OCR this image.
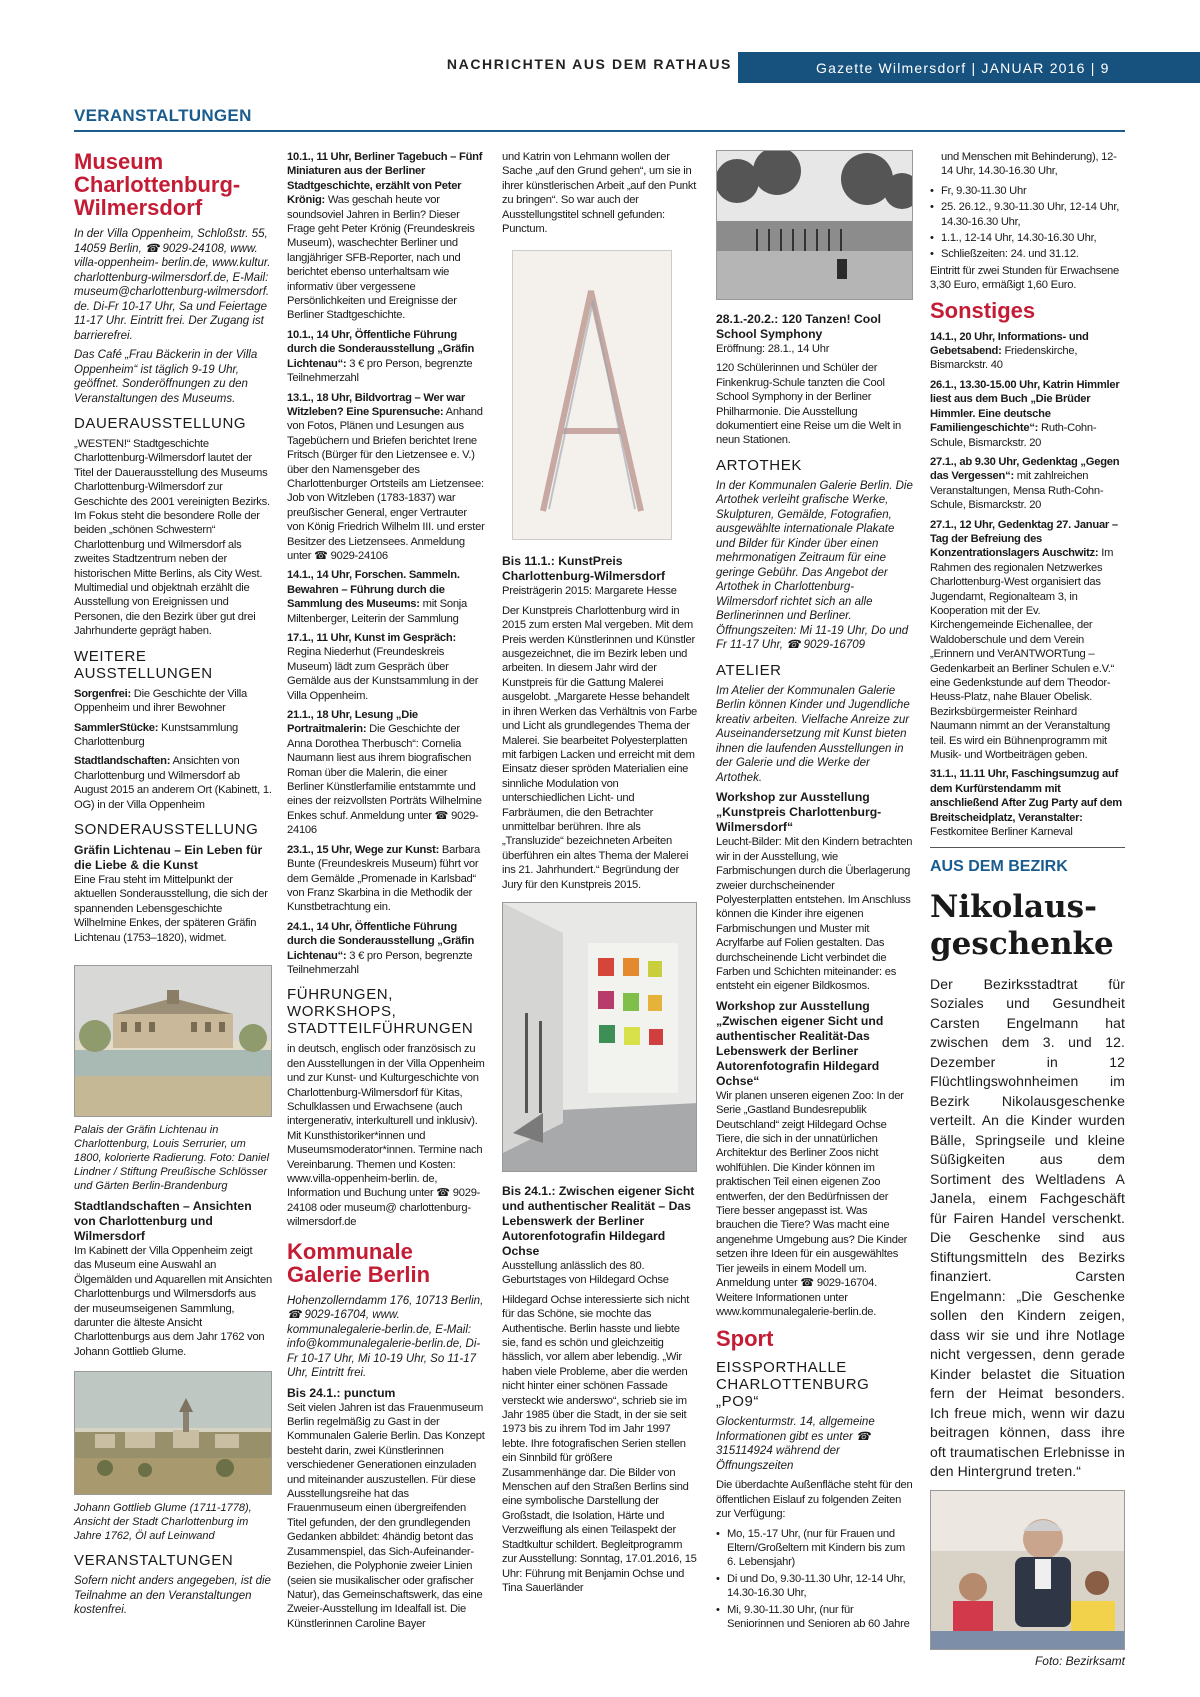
NACHRICHTEN AUS DEM RATHAUS	Gazette Wilmersdorf | JANUAR 2016 | 9
VERANSTALTUNGEN
Museum Charlottenburg-Wilmersdorf

In der Villa Oppenheim, Schloßstr. 55, 14059 Berlin, ☎ 9029-24108, www. villa-oppenheim- berlin.de, www.kultur. charlottenburg-wilmersdorf.de, E-Mail: museum@charlottenburg-wilmersdorf. de. Di-Fr 10-17 Uhr, Sa und Feiertage 11-17 Uhr. Eintritt frei. Der Zugang ist barrierefrei.

Das Café „Frau Bäckerin in der Villa Oppenheim“ ist täglich 9-19 Uhr, geöffnet. Sonderöffnungen zu den Veranstaltungen des Museums.

DAUERAUSSTELLUNG

„WESTEN!“ Stadtgeschichte Charlottenburg-Wilmersdorf lautet der Titel der Dauerausstellung des Museums Charlottenburg-Wilmersdorf zur Geschichte des 2001 vereinigten Bezirks. Im Fokus steht die besondere Rolle der beiden „schönen Schwestern“ Charlottenburg und Wilmersdorf als zweites Stadtzentrum neben der historischen Mitte Berlins, als City West. Multimedial und objektnah erzählt die Ausstellung von Ereignissen und Personen, die den Bezirk über gut drei Jahrhunderte geprägt haben.

WEITERE AUSSTELLUNGEN

Sorgenfrei: Die Geschichte der Villa Oppenheim und ihrer Bewohner

SammlerStücke: Kunstsammlung Charlottenburg

Stadtlandschaften: Ansichten von Charlottenburg und Wilmersdorf ab August 2015 an anderem Ort (Kabinett, 1. OG) in der Villa Oppenheim

SONDERAUSSTELLUNG
Gräfin Lichtenau – Ein Leben für die Liebe & die Kunst

Eine Frau steht im Mittelpunkt der aktuellen Sonderausstellung, die sich der spannenden Lebensgeschichte Wilhelmine Enkes, der späteren Gräfin Lichtenau (1753–1820), widmet.

Palais der Gräfin Lichtenau in Charlottenburg, Louis Serrurier, um 1800, kolorierte Radierung. Foto: Daniel Lindner / Stiftung Preußische Schlösser und Gärten Berlin-Brandenburg
Stadtlandschaften – Ansichten von Charlottenburg und Wilmersdorf

Im Kabinett der Villa Oppenheim zeigt das Museum eine Auswahl an Ölgemälden und Aquarellen mit Ansichten Charlottenburgs und Wilmersdorfs aus der museumseigenen Sammlung, darunter die älteste Ansicht Charlottenburgs aus dem Jahr 1762 von Johann Gottlieb Glume.

Johann Gottlieb Glume (1711-1778), Ansicht der Stadt Charlottenburg im Jahre 1762, Öl auf Leinwand
VERANSTALTUNGEN

Sofern nicht anders angegeben, ist die Teilnahme an den Veranstaltungen kostenfrei.

10.1., 11 Uhr, Berliner Tagebuch – Fünf Miniaturen aus der Berliner Stadtgeschichte, erzählt von Peter Krönig: Was geschah heute vor soundsoviel Jahren in Berlin? Dieser Frage geht Peter Krönig (Freundeskreis Museum), waschechter Berliner und langjähriger SFB-Reporter, nach und berichtet ebenso unterhaltsam wie informativ über vergessene Persönlichkeiten und Ereignisse der Berliner Stadtgeschichte.

10.1., 14 Uhr, Öffentliche Führung durch die Sonderausstellung „Gräfin Lichtenau“: 3 € pro Person, begrenzte Teilnehmerzahl

13.1., 18 Uhr, Bildvortrag – Wer war Witzleben? Eine Spurensuche: Anhand von Fotos, Plänen und Lesungen aus Tagebüchern und Briefen berichtet Irene Fritsch (Bürger für den Lietzensee e. V.) über den Namensgeber des Charlottenburger Ortsteils am Lietzensee: Job von Witzleben (1783-1837) war preußischer General, enger Vertrauter von König Friedrich Wilhelm III. und erster Besitzer des Lietzensees. Anmeldung unter ☎ 9029-24106

14.1., 14 Uhr, Forschen. Sammeln. Bewahren – Führung durch die Sammlung des Museums: mit Sonja Miltenberger, Leiterin der Sammlung

17.1., 11 Uhr, Kunst im Gespräch: Regina Niederhut (Freundeskreis Museum) lädt zum Gespräch über Gemälde aus der Kunstsammlung in der Villa Oppenheim.

21.1., 18 Uhr, Lesung „Die Portraitmalerin: Die Geschichte der Anna Dorothea Therbusch“: Cornelia Naumann liest aus ihrem biografischen Roman über die Malerin, die einer Berliner Künstlerfamilie entstammte und eines der reizvollsten Porträts Wilhelmine Enkes schuf. Anmeldung unter ☎ 9029-24106

23.1., 15 Uhr, Wege zur Kunst: Barbara Bunte (Freundeskreis Museum) führt vor dem Gemälde „Promenade in Karlsbad“ von Franz Skarbina in die Methodik der Kunstbetrachtung ein.

24.1., 14 Uhr, Öffentliche Führung durch die Sonderausstellung „Gräfin Lichtenau“: 3 € pro Person, begrenzte Teilnehmerzahl

FÜHRUNGEN, WORKSHOPS, STADTTEILFÜHRUNGEN

in deutsch, englisch oder französisch zu den Ausstellungen in der Villa Oppenheim und zur Kunst- und Kulturgeschichte von Charlottenburg-Wilmersdorf für Kitas, Schulklassen und Erwachsene (auch intergenerativ, interkulturell und inklusiv). Mit Kunsthistoriker*innen und Museumsmoderator*innen. Termine nach Vereinbarung. Themen und Kosten: www.villa-oppenheim-berlin. de, Information und Buchung unter ☎ 9029-24108 oder museum@ charlottenburg-wilmersdorf.de

Kommunale Galerie Berlin

Hohenzollerndamm 176, 10713 Berlin, ☎ 9029-16704, www. kommunalegalerie-berlin.de, E-Mail: info@kommunalegalerie-berlin.de, Di-Fr 10-17 Uhr, Mi 10-19 Uhr, So 11-17 Uhr, Eintritt frei.

Bis 24.1.: punctum

Seit vielen Jahren ist das Frauenmuseum Berlin regelmäßig zu Gast in der Kommunalen Galerie Berlin. Das Konzept besteht darin, zwei Künstlerinnen verschiedener Generationen einzuladen und miteinander auszustellen. Für diese Ausstellungsreihe hat das Frauenmuseum einen übergreifenden Titel gefunden, der den grundlegenden Gedanken abbildet: 4händig betont das Zusammenspiel, das Sich-Aufeinander-Beziehen, die Polyphonie zweier Linien (seien sie musikalischer oder grafischer Natur), das Gemeinschaftswerk, das eine Zweier-Ausstellung im Idealfall ist. Die Künstlerinnen Caroline Bayer

und Katrin von Lehmann wollen der Sache „auf den Grund gehen“, um sie in ihrer künstlerischen Arbeit „auf den Punkt zu bringen“. So war auch der Ausstellungstitel schnell gefunden: Punctum.

Bis 11.1.: KunstPreis Charlottenburg-Wilmersdorf

Preisträgerin 2015: Margarete Hesse

Der Kunstpreis Charlottenburg wird in 2015 zum ersten Mal vergeben. Mit dem Preis werden Künstlerinnen und Künstler ausgezeichnet, die im Bezirk leben und arbeiten. In diesem Jahr wird der Kunstpreis für die Gattung Malerei ausgelobt. „Margarete Hesse behandelt in ihren Werken das Verhältnis von Farbe und Licht als grundlegendes Thema der Malerei. Sie bearbeitet Polyesterplatten mit farbigen Lacken und erreicht mit dem Einsatz dieser spröden Materialien eine sinnliche Modulation von unterschiedlichen Licht- und Farbräumen, die den Betrachter unmittelbar berühren. Ihre als „Transluzide“ bezeichneten Arbeiten überführen ein altes Thema der Malerei ins 21. Jahrhundert.“ Begründung der Jury für den Kunstpreis 2015.

Bis 24.1.: Zwischen eigener Sicht und authentischer Realität – Das Lebenswerk der Berliner Autorenfotografin Hildegard Ochse

Ausstellung anlässlich des 80. Geburtstages von Hildegard Ochse

Hildegard Ochse interessierte sich nicht für das Schöne, sie mochte das Authentische. Berlin hasste und liebte sie, fand es schön und gleichzeitig hässlich, vor allem aber lebendig. „Wir haben viele Probleme, aber die werden nicht hinter einer schönen Fassade versteckt wie anderswo“, schrieb sie im Jahr 1985 über die Stadt, in der sie seit 1973 bis zu ihrem Tod im Jahr 1997 lebte. Ihre fotografischen Serien stellen ein Sinnbild für größere Zusammenhänge dar. Die Bilder von Menschen auf den Straßen Berlins sind eine symbolische Darstellung der Großstadt, die Isolation, Härte und Verzweiflung als einen Teilaspekt der Stadtkultur schildert. Begleitprogramm zur Ausstellung: Sonntag, 17.01.2016, 15 Uhr: Führung mit Benjamin Ochse und Tina Sauerländer

28.1.-20.2.: 120 Tanzen! Cool School Symphony

Eröffnung: 28.1., 14 Uhr

120 Schülerinnen und Schüler der Finkenkrug-Schule tanzten die Cool School Symphony in der Berliner Philharmonie. Die Ausstellung dokumentiert eine Reise um die Welt in neun Stationen.

ARTOTHEK

In der Kommunalen Galerie Berlin. Die Artothek verleiht grafische Werke, Skulpturen, Gemälde, Fotografien, ausgewählte internationale Plakate und Bilder für Kinder über einen mehrmonatigen Zeitraum für eine geringe Gebühr. Das Angebot der Artothek in Charlottenburg-Wilmersdorf richtet sich an alle Berlinerinnen und Berliner. Öffnungszeiten: Mi 11-19 Uhr, Do und Fr 11-17 Uhr, ☎ 9029-16709

ATELIER

Im Atelier der Kommunalen Galerie Berlin können Kinder und Jugendliche kreativ arbeiten. Vielfache Anreize zur Auseinandersetzung mit Kunst bieten ihnen die laufenden Ausstellungen in der Galerie und die Werke der Artothek.

Workshop zur Ausstellung „Kunstpreis Charlottenburg-Wilmersdorf“

Leucht-Bilder: Mit den Kindern betrachten wir in der Ausstellung, wie Farbmischungen durch die Überlagerung zweier durchscheinender Polyesterplatten entstehen. Im Anschluss können die Kinder ihre eigenen Farbmischungen und Muster mit Acrylfarbe auf Folien gestalten. Das durchscheinende Licht verbindet die Farben und Schichten miteinander: es entsteht ein eigener Bildkosmos.

Workshop zur Ausstellung „Zwischen eigener Sicht und authentischer Realität-Das Lebenswerk der Berliner Autorenfotografin Hildegard Ochse“

Wir planen unseren eigenen Zoo: In der Serie „Gastland Bundesrepublik Deutschland“ zeigt Hildegard Ochse Tiere, die sich in der unnatürlichen Architektur des Berliner Zoos nicht wohlfühlen. Die Kinder können im praktischen Teil einen eigenen Zoo entwerfen, der den Bedürfnissen der Tiere besser angepasst ist. Was brauchen die Tiere? Was macht eine angenehme Umgebung aus? Die Kinder setzen ihre Ideen für ein ausgewähltes Tier jeweils in einem Modell um. Anmeldung unter ☎ 9029-16704. Weitere Informationen unter www.kommunalegalerie-berlin.de.

Sport
EISSPORTHALLE CHARLOTTENBURG „PO9“

Glockenturmstr. 14, allgemeine Informationen gibt es unter ☎ 315114924 während der Öffnungszeiten

Die überdachte Außenfläche steht für den öffentlichen Eislauf zu folgenden Zeiten zur Verfügung:

• Mo, 15.-17 Uhr, (nur für Frauen und Eltern/Großeltern mit Kindern bis zum 6. Lebensjahr)
• Di und Do, 9.30-11.30 Uhr, 12-14 Uhr, 14.30-16.30 Uhr,
• Mi, 9.30-11.30 Uhr, (nur für Seniorinnen und Senioren ab 60 Jahre

und Menschen mit Behinderung), 12-14 Uhr, 14.30-16.30 Uhr,

• Fr, 9.30-11.30 Uhr
• 25. 26.12., 9.30-11.30 Uhr, 12-14 Uhr, 14.30-16.30 Uhr,
• 1.1., 12-14 Uhr, 14.30-16.30 Uhr,
• Schließzeiten: 24. und 31.12.

Eintritt für zwei Stunden für Erwachsene 3,30 Euro, ermäßigt 1,60 Euro.

Sonstiges

14.1., 20 Uhr, Informations- und Gebetsabend: Friedenskirche, Bismarckstr. 40

26.1., 13.30-15.00 Uhr, Katrin Himmler liest aus dem Buch „Die Brüder Himmler. Eine deutsche Familiengeschichte“: Ruth-Cohn-Schule, Bismarckstr. 20

27.1., ab 9.30 Uhr, Gedenktag „Gegen das Vergessen“: mit zahlreichen Veranstaltungen, Mensa Ruth-Cohn-Schule, Bismarckstr. 20

27.1., 12 Uhr, Gedenktag 27. Januar – Tag der Befreiung des Konzentrationslagers Auschwitz: Im Rahmen des regionalen Netzwerkes Charlottenburg-West organisiert das Jugendamt, Regionalteam 3, in Kooperation mit der Ev. Kirchengemeinde Eichenallee, der Waldoberschule und dem Verein „Erinnern und VerANTWORTung – Gedenkarbeit an Berliner Schulen e.V.“ eine Gedenkstunde auf dem Theodor-Heuss-Platz, nahe Blauer Obelisk. Bezirksbürgermeister Reinhard Naumann nimmt an der Veranstaltung teil. Es wird ein Bühnenprogramm mit Musik- und Wortbeiträgen geben.

31.1., 11.11 Uhr, Faschingsumzug auf dem Kurfürstendamm mit anschließend After Zug Party auf dem Breitscheidplatz, Veranstalter: Festkomitee Berliner Karneval

AUS DEM BEZIRK
Nikolaus-geschenke

Der Bezirksstadtrat für Soziales und Gesundheit Carsten Engelmann hat zwischen dem 3. und 12. Dezember in 12 Flüchtlingswohnheimen im Bezirk Nikolausgeschenke verteilt. An die Kinder wurden Bälle, Springseile und kleine Süßigkeiten aus dem Sortiment des Weltladens A Janela, einem Fachgeschäft für Fairen Handel verschenkt. Die Geschenke sind aus Stiftungsmitteln des Bezirks finanziert. Carsten Engelmann: „Die Geschenke sollen den Kindern zeigen, dass wir sie und ihre Notlage nicht vergessen, denn gerade Kinder belastet die Situation fern der Heimat besonders. Ich freue mich, wenn wir dazu beitragen können, dass ihre oft traumatischen Erlebnisse in den Hintergrund treten.“

Foto: Bezirksamt
